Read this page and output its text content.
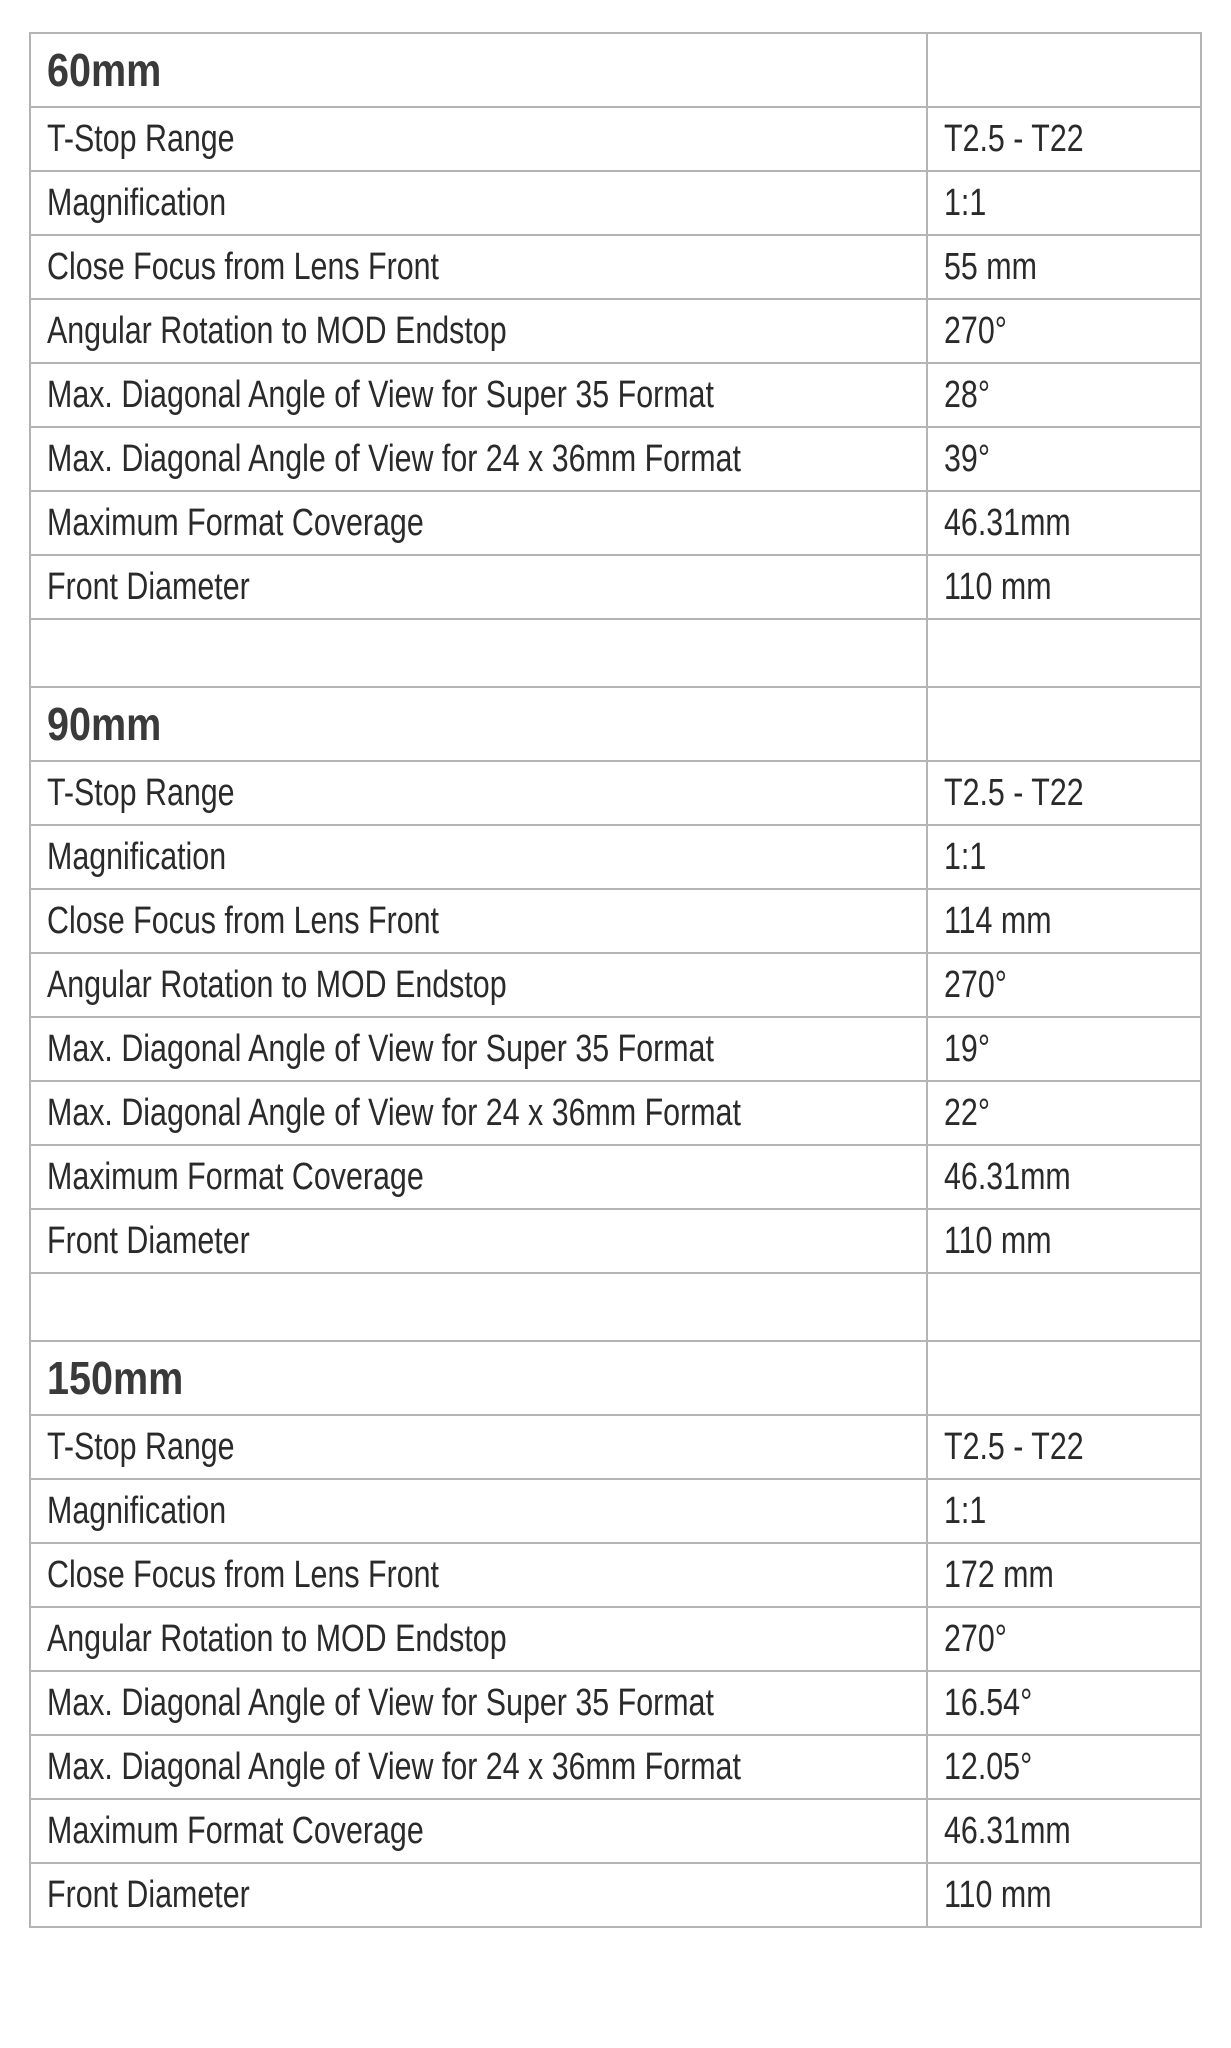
60mm	
T-Stop Range	T2.5 - T22
Magnification	1:1
Close Focus from Lens Front	55 mm
Angular Rotation to MOD Endstop	270°
Max. Diagonal Angle of View for Super 35 Format	28°
Max. Diagonal Angle of View for 24 x 36mm Format	39°
Maximum Format Coverage	46.31mm
Front Diameter	110 mm

90mm	
T-Stop Range	T2.5 - T22
Magnification	1:1
Close Focus from Lens Front	114 mm
Angular Rotation to MOD Endstop	270°
Max. Diagonal Angle of View for Super 35 Format	19°
Max. Diagonal Angle of View for 24 x 36mm Format	22°
Maximum Format Coverage	46.31mm
Front Diameter	110 mm

150mm	
T-Stop Range	T2.5 - T22
Magnification	1:1
Close Focus from Lens Front	172 mm
Angular Rotation to MOD Endstop	270°
Max. Diagonal Angle of View for Super 35 Format	16.54°
Max. Diagonal Angle of View for 24 x 36mm Format	12.05°
Maximum Format Coverage	46.31mm
Front Diameter	110 mm
